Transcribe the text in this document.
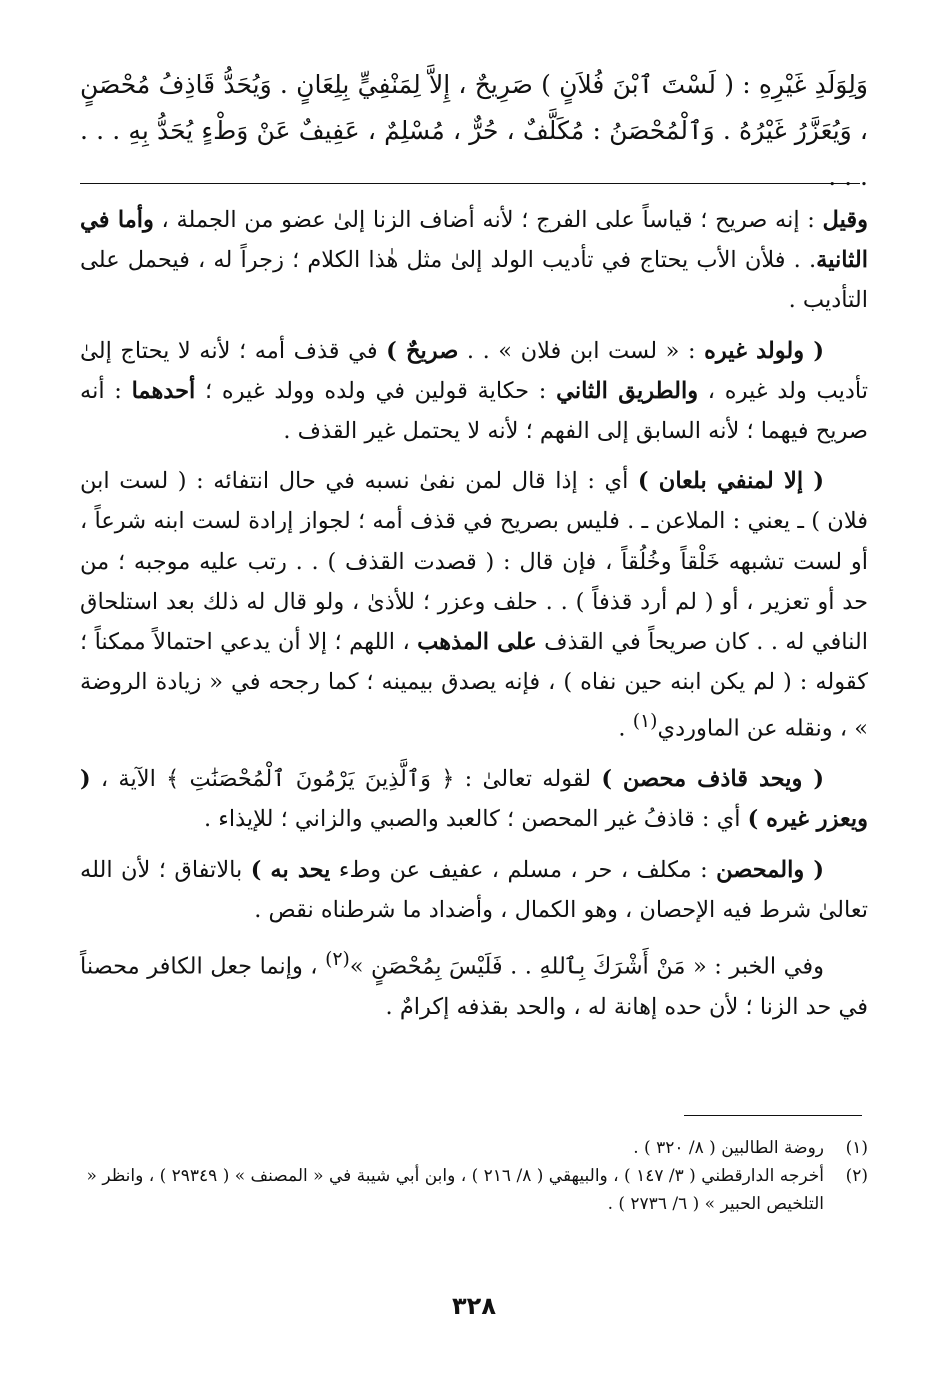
وَلِوَلَدِ غَيْرِهِ : ( لَسْتَ ٱبْنَ فُلاَنٍ ) صَرِيحٌ ، إِلاَّ لِمَنْفِيٍّ بِلِعَانٍ . وَيُحَدُّ قَاذِفُ مُحْصَنٍ ، وَيُعَزَّرُ غَيْرُهُ . وَٱلْمُحْصَنُ : مُكَلَّفٌ ، حُرٌّ ، مُسْلِمٌ ، عَفِيفٌ عَنْ وَطْءٍ يُحَدُّ بِهِ . . . . . .

وقيل : إنه صريح ؛ قياساً على الفرج ؛ لأنه أضاف الزنا إلىٰ عضو من الجملة ، وأما في الثانية. . فلأن الأب يحتاج في تأديب الولد إلىٰ مثل هٰذا الكلام ؛ زجراً له ، فيحمل على التأديب .

( ولولد غيره : « لست ابن فلان » . . صريحٌ ) في قذف أمه ؛ لأنه لا يحتاج إلىٰ تأديب ولد غيره ، والطريق الثاني : حكاية قولين في ولده وولد غيره ؛ أحدهما : أنه صريح فيهما ؛ لأنه السابق إلى الفهم ؛ لأنه لا يحتمل غير القذف .

( إلا لمنفي بلعان ) أي : إذا قال لمن نفىٰ نسبه في حال انتفائه : ( لست ابن فلان ) ـ يعني : الملاعن ـ . فليس بصريح في قذف أمه ؛ لجواز إرادة لست ابنه شرعاً ، أو لست تشبهه خَلْقاً وخُلُقاً ، فإن قال : ( قصدت القذف ) . . رتب عليه موجبه ؛ من حد أو تعزير ، أو ( لم أرد قذفاً ) . . حلف وعزر ؛ للأذىٰ ، ولو قال له ذلك بعد استلحاق النافي له . . كان صريحاً في القذف على المذهب ، اللهم ؛ إلا أن يدعي احتمالاً ممكناً ؛ كقوله : ( لم يكن ابنه حين نفاه ) ، فإنه يصدق بيمينه ؛ كما رجحه في « زيادة الروضة » ، ونقله عن الماوردي$^{(١)}$ .

( ويحد قاذف محصن ) لقوله تعالىٰ : ﴿ وَٱلَّذِينَ يَرْمُونَ ٱلْمُحْصَنَٰتِ ﴾ الآية ، ( ويعزر غيره ) أي : قاذفُ غير المحصن ؛ كالعبد والصبي والزاني ؛ للإيذاء .

( والمحصن : مكلف ، حر ، مسلم ، عفيف عن وطء يحد به ) بالاتفاق ؛ لأن الله تعالىٰ شرط فيه الإحصان ، وهو الكمال ، وأضداد ما شرطناه نقص .

وفي الخبر : « مَنْ أَشْرَكَ بِٱللهِ . . فَلَيْسَ بِمُحْصَنٍ »$^{(٢)}$ ، وإنما جعل الكافر محصناً في حد الزنا ؛ لأن حده إهانة له ، والحد بقذفه إكرامٌ .

(١)
روضة الطالبين ( ٨/ ٣٢٠ ) .
(٢)
أخرجه الدارقطني ( ٣/ ١٤٧ ) ، والبيهقي ( ٨/ ٢١٦ ) ، وابن أبي شيبة في « المصنف » ( ٢٩٣٤٩ ) ، وانظر « التلخيص الحبير » ( ٦/ ٢٧٣٦ ) .
٣٢٨
